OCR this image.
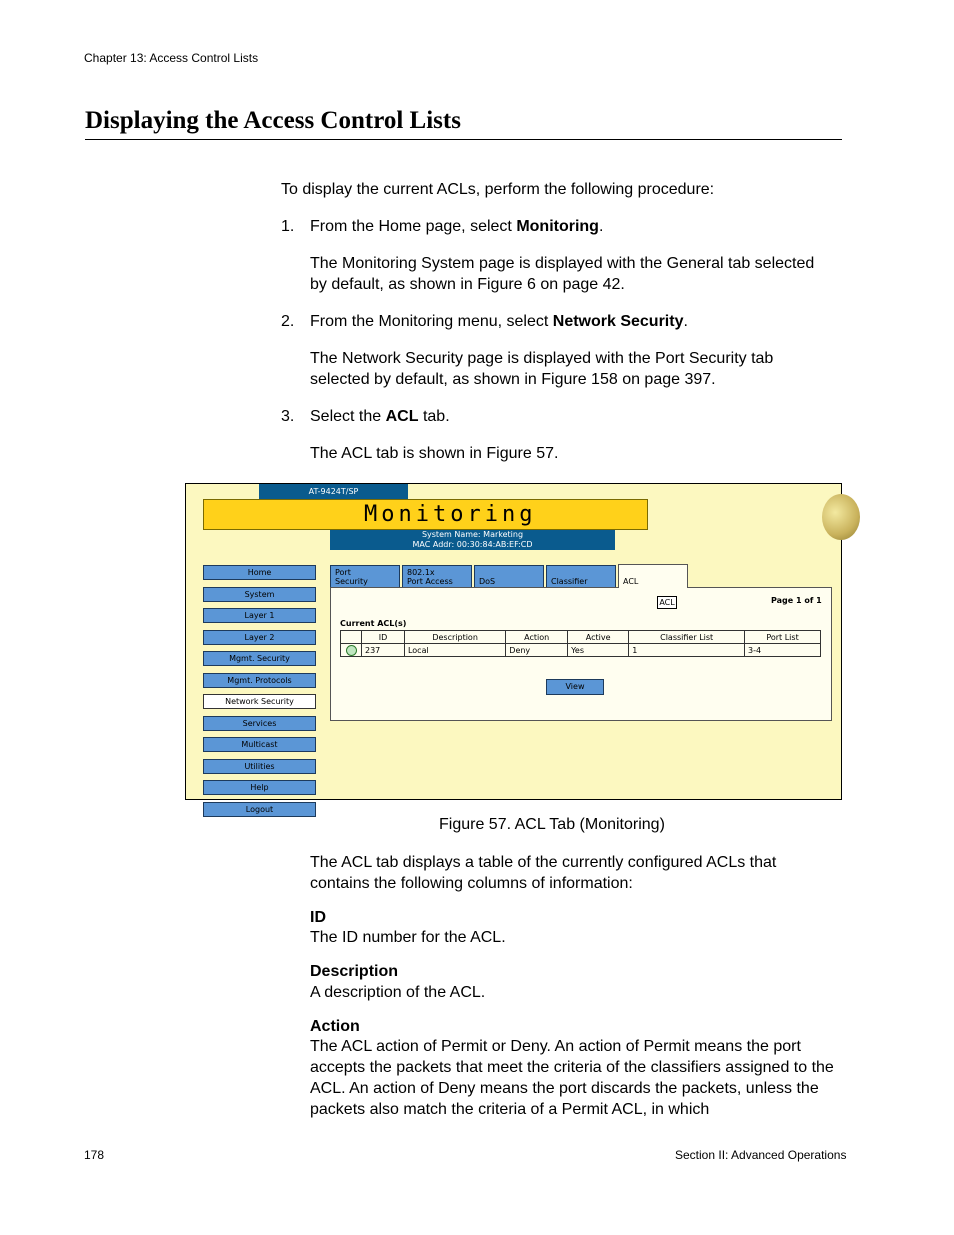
Chapter 13: Access Control Lists
Displaying the Access Control Lists
To display the current ACLs, perform the following procedure:
1. From the Home page, select Monitoring.
The Monitoring System page is displayed with the General tab selected by default, as shown in Figure 6 on page 42.
2. From the Monitoring menu, select Network Security.
The Network Security page is displayed with the Port Security tab selected by default, as shown in Figure 158 on page 397.
3. Select the ACL tab.
The ACL tab is shown in Figure 57.
AT-9424T/SP
Monitoring
System Name: Marketing
MAC Addr: 00:30:84:AB:EF:CD
Home
System
Layer 1
Layer 2
Mgmt. Security
Mgmt. Protocols
Network Security
Services
Multicast
Utilities
Help
Logout
Port
Security
802.1x
Port Access	DoS	Classifier	ACL
ACL	Page 1 of 1
Current ACL(s)
	ID	Description	Action	Active	Classifier List	Port List
	237	Local	Deny	Yes	1	3-4
View
Figure 57. ACL Tab (Monitoring)
The ACL tab displays a table of the currently configured ACLs that contains the following columns of information:
ID
The ID number for the ACL.
Description
A description of the ACL.
Action
The ACL action of Permit or Deny. An action of Permit means the port accepts the packets that meet the criteria of the classifiers assigned to the ACL. An action of Deny means the port discards the packets, unless the packets also match the criteria of a Permit ACL, in which
178	Section II: Advanced Operations
